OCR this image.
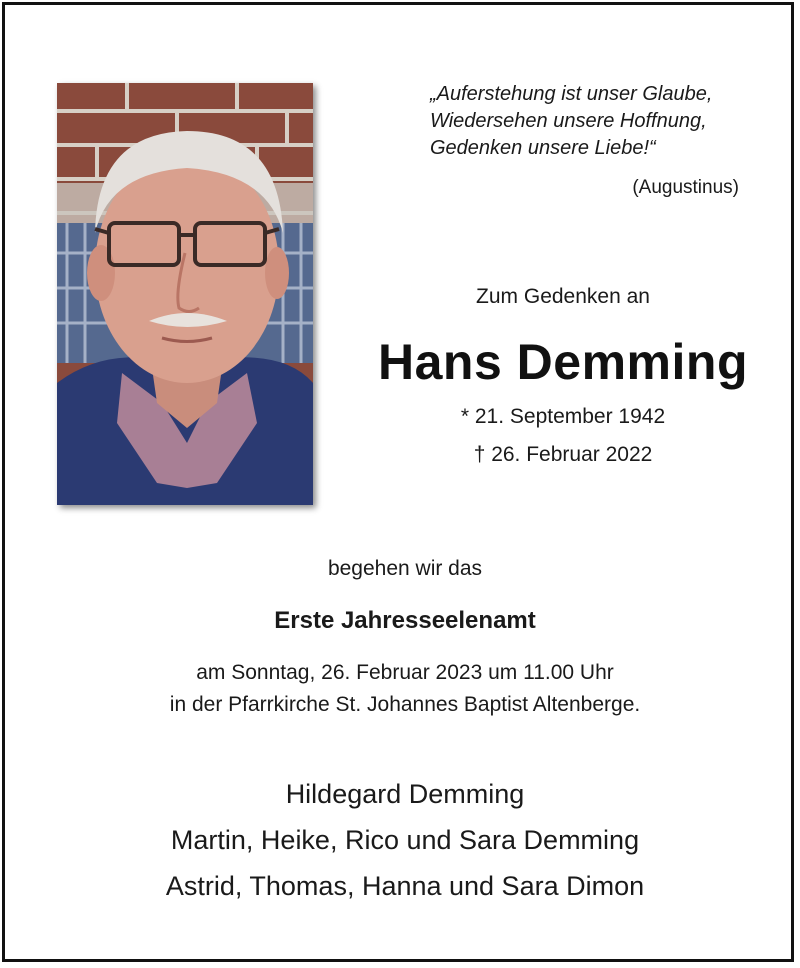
„Auferstehung ist unser Glaube,
Wiedersehen unsere Hoffnung,
Gedenken unsere Liebe!“
(Augustinus)
Zum Gedenken an
Hans Demming
* 21. September 1942
† 26. Februar 2022
begehen wir das
Erste Jahresseelenamt
am Sonntag, 26. Februar 2023 um 11.00 Uhr
in der Pfarrkirche St. Johannes Baptist Altenberge.
Hildegard Demming
Martin, Heike, Rico und Sara Demming
Astrid, Thomas, Hanna und Sara Dimon
